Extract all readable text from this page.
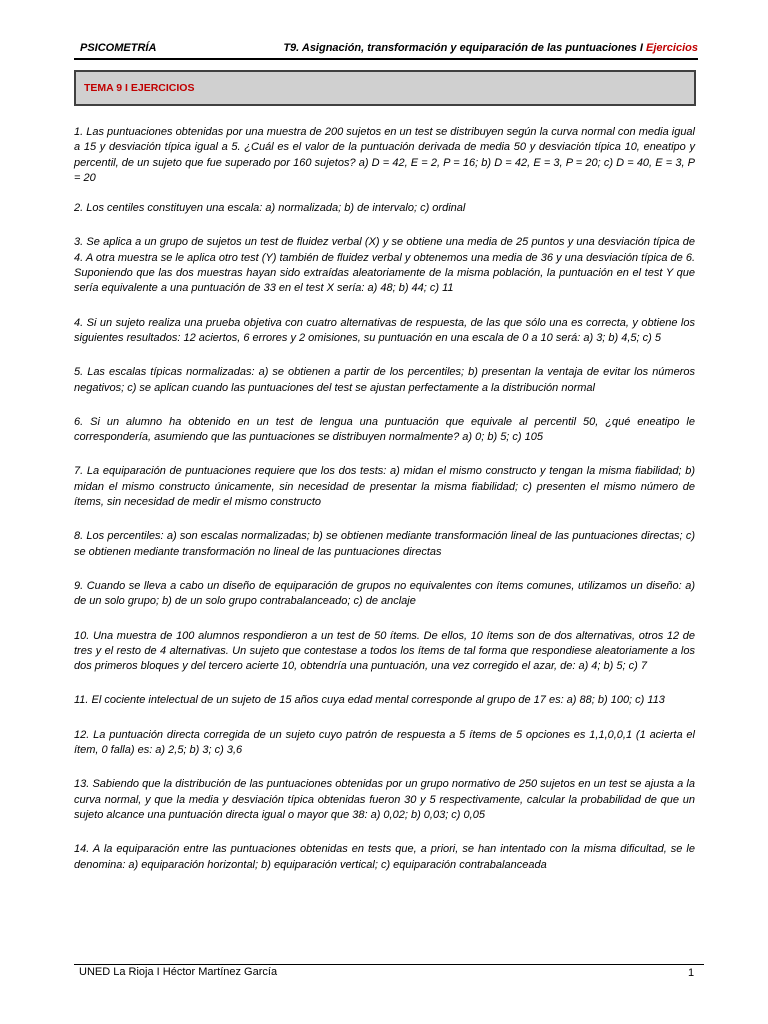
PSICOMETRÍA	T9. Asignación, transformación y equiparación de las puntuaciones I Ejercicios
TEMA 9 I EJERCICIOS

1. Las puntuaciones obtenidas por una muestra de 200 sujetos en un test se distribuyen según la curva normal con media igual a 15 y desviación típica igual a 5. ¿Cuál es el valor de la puntuación derivada de media 50 y desviación típica 10, eneatipo y percentil, de un sujeto que fue superado por 160 sujetos? a) D = 42, E = 2, P = 16; b) D = 42, E = 3, P = 20; c) D = 40, E = 3, P = 20

2. Los centiles constituyen una escala: a) normalizada; b) de intervalo; c) ordinal

3. Se aplica a un grupo de sujetos un test de fluidez verbal (X) y se obtiene una media de 25 puntos y una desviación típica de 4. A otra muestra se le aplica otro test (Y) también de fluidez verbal y obtenemos una media de 36 y una desviación típica de 6. Suponiendo que las dos muestras hayan sido extraídas aleatoriamente de la misma población, la puntuación en el test Y que sería equivalente a una puntuación de 33 en el test X sería: a) 48; b) 44; c) 11

4. Si un sujeto realiza una prueba objetiva con cuatro alternativas de respuesta, de las que sólo una es correcta, y obtiene los siguientes resultados: 12 aciertos, 6 errores y 2 omisiones, su puntuación en una escala de 0 a 10 será: a) 3; b) 4,5; c) 5

5. Las escalas típicas normalizadas: a) se obtienen a partir de los percentiles; b) presentan la ventaja de evitar los números negativos; c) se aplican cuando las puntuaciones del test se ajustan perfectamente a la distribución normal

6. Si un alumno ha obtenido en un test de lengua una puntuación que equivale al percentil 50, ¿qué eneatipo le correspondería, asumiendo que las puntuaciones se distribuyen normalmente? a) 0; b) 5; c) 105

7. La equiparación de puntuaciones requiere que los dos tests: a) midan el mismo constructo y tengan la misma fiabilidad; b) midan el mismo constructo únicamente, sin necesidad de presentar la misma fiabilidad; c) presenten el mismo número de ítems, sin necesidad de medir el mismo constructo

8. Los percentiles: a) son escalas normalizadas; b) se obtienen mediante transformación lineal de las puntuaciones directas; c) se obtienen mediante transformación no lineal de las puntuaciones directas

9. Cuando se lleva a cabo un diseño de equiparación de grupos no equivalentes con ítems comunes, utilizamos un diseño: a) de un solo grupo; b) de un solo grupo contrabalanceado; c) de anclaje

10. Una muestra de 100 alumnos respondieron a un test de 50 ítems. De ellos, 10 ítems son de dos alternativas, otros 12 de tres y el resto de 4 alternativas. Un sujeto que contestase a todos los ítems de tal forma que respondiese aleatoriamente a los dos primeros bloques y del tercero acierte 10, obtendría una puntuación, una vez corregido el azar, de: a) 4; b) 5; c) 7

11. El cociente intelectual de un sujeto de 15 años cuya edad mental corresponde al grupo de 17 es: a) 88; b) 100; c) 113

12. La puntuación directa corregida de un sujeto cuyo patrón de respuesta a 5 ítems de 5 opciones es 1,1,0,0,1 (1 acierta el ítem, 0 falla) es: a) 2,5; b) 3; c) 3,6

13. Sabiendo que la distribución de las puntuaciones obtenidas por un grupo normativo de 250 sujetos en un test se ajusta a la curva normal, y que la media y desviación típica obtenidas fueron 30 y 5 respectivamente, calcular la probabilidad de que un sujeto alcance una puntuación directa igual o mayor que 38: a) 0,02; b) 0,03; c) 0,05

14. A la equiparación entre las puntuaciones obtenidas en tests que, a priori, se han intentado con la misma dificultad, se le denomina: a) equiparación horizontal; b) equiparación vertical; c) equiparación contrabalanceada

UNED La Rioja I Héctor Martínez García	1
